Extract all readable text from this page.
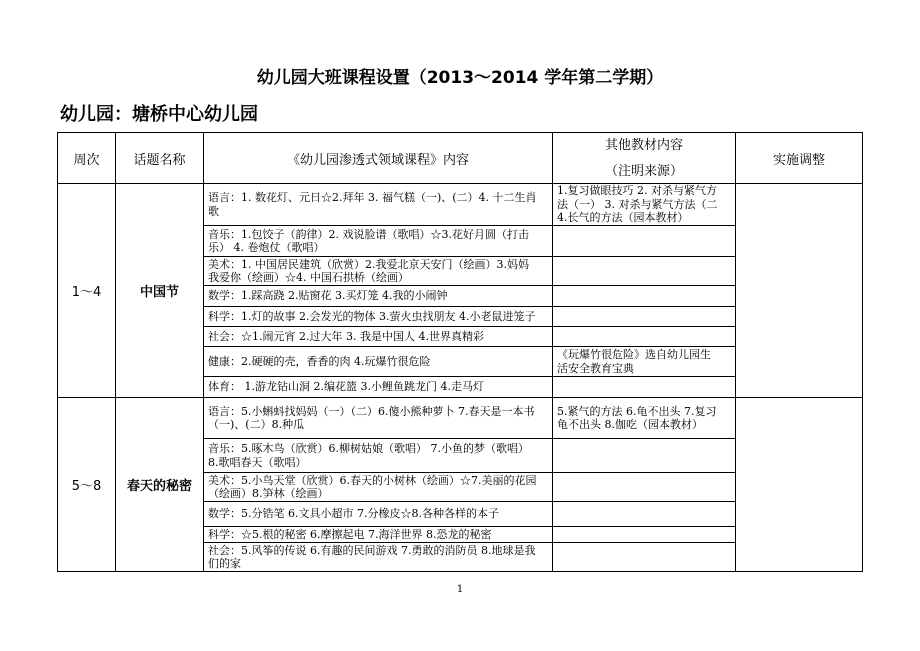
幼儿园大班课程设置（2013～2014 学年第二学期）
幼儿园：塘桥中心幼儿园
周次	话题名称	《幼儿园渗透式领域课程》内容	其他教材内容
（注明来源）	实施调整
1～4	中国节	语言：1. 数花灯、元日☆2.拜年 3. 福气糕（一)、(二）4. 十二生肖
歌	1.复习做眼技巧 2. 对杀与紧气方
法（一） 3. 对杀与紧气方法（二
4.长气的方法（园本教材）	

		音乐：1.包饺子（韵律）2. 戏说脸谱（歌唱）☆3.花好月圆（打击
乐） 4. 卷炮仗（歌唱）		

		美术：1. 中国居民建筑（欣赏）2.我爱北京天安门（绘画）3.妈妈
我爱你（绘画）☆4. 中国石拱桥（绘画）		

		数学：1.踩高跷 2.贴窗花 3.买灯笼 4.我的小闹钟		

		科学：1.灯的故事 2.会发光的物体 3.萤火虫找朋友 4.小老鼠进笼子		

		社会：☆1.闹元宵 2.过大年 3. 我是中国人 4.世界真精彩		

		健康：2.硬硬的壳，香香的肉 4.玩爆竹很危险	《玩爆竹很危险》选自幼儿园生
活安全教育宝典	

		体育： 1.游龙钻山洞 2.编花篮 3.小鲤鱼跳龙门 4.走马灯		

5～8	春天的秘密	语言：5.小蝌蚪找妈妈（一）（二）6.傻小熊种萝卜 7.春天是一本书
（一)、(二）8.种瓜	5.紧气的方法 6.龟不出头 7.复习
龟不出头 8.伽吃（园本教材）	

		音乐：5.啄木鸟（欣赏）6.柳树姑娘（歌唱） 7.小鱼的梦（歌唱）
8.歌唱春天（歌唱）		

		美术：5.小鸟天堂（欣赏）6.春天的小树林（绘画）☆7.美丽的花园
（绘画）8.笋林（绘画）		

		数学：5.分锆笔 6.文具小超市 7.分橡皮☆8.各种各样的本子		

		科学：☆5.根的秘密 6.摩擦起电 7.海洋世界 8.恐龙的秘密		

		社会：5.风筝的传说 6.有趣的民间游戏 7.勇敢的消防员 8.地球是我
们的家		

1
